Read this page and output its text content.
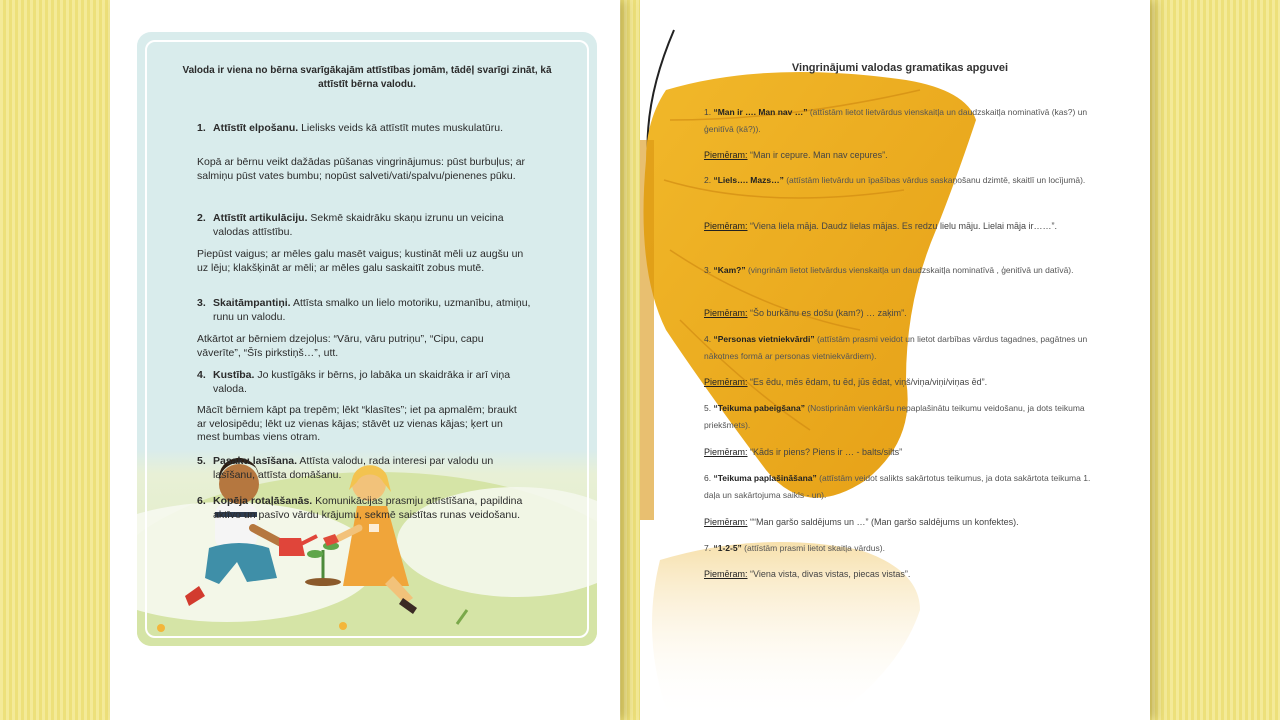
Valoda ir viena no bērna svarīgākajām attīstības jomām, tādēļ svarīgi zināt, kā attīstīt bērna valodu.
1. Attīstīt elpošanu. Lielisks veids kā attīstīt mutes muskulatūru.
Kopā ar bērnu veikt dažādas pūšanas vingrinājumus: pūst burbuļus; ar salmiņu pūst vates bumbu; nopūst salveti/vati/spalvu/pienenes pūku.
2. Attīstīt artikulāciju. Sekmē skaidrāku skaņu izrunu un veicina valodas attīstību.
Piepūst vaigus; ar mēles galu masēt vaigus; kustināt mēli uz augšu un uz lēju; klakšķināt ar mēli; ar mēles galu saskaitīt zobus mutē.
3. Skaitāmpantiņi. Attīsta smalko un lielo motoriku, uzmanību, atmiņu, runu un valodu.
Atkārtot ar bērniem dzejoļus: “Vāru, vāru putriņu”, “Cipu, capu vāverīte”, “Šīs pirkstiņš…”, utt.
4. Kustība. Jo kustīgāks ir bērns, jo labāka un skaidrāka ir arī viņa valoda.
Mācīt bērniem kāpt pa trepēm; lēkt “klasītes”; iet pa apmalēm; braukt ar velosipēdu; lēkt uz vienas kājas; stāvēt uz vienas kājas; ķert un mest bumbas viens otram.
5. Pasaku lasīšana. Attīsta valodu, rada interesi par valodu un lasīšanu, attīsta domāšanu.
6. Kopēja rotaļāšanās. Komunikācijas prasmju attīstīšana, papildina aktīvo un pasīvo vārdu krājumu, sekmē saistītas runas veidošanu.
Vingrinājumi valodas gramatikas apguvei
1. “Man ir …. Man nav …” (attīstām lietot lietvārdus vienskaitļa un daudzskaitļa nominatīvā (kas?) un ģenitīvā (kā?)).
Piemēram: “Man ir cepure. Man nav cepures”.
2. “Liels…. Mazs…” (attīstām lietvārdu un īpašības vārdus saskaņošanu dzimtē, skaitlī un locījumā).
Piemēram: “Viena liela māja. Daudz lielas mājas. Es redzu lielu māju. Lielai māja ir……”.
3. “Kam?” (vingrinām lietot lietvārdus vienskaitļa un daudzskaitļa nominatīvā , ģenitīvā un datīvā).
Piemēram: “Šo burkānu es došu (kam?) … zaķim”.
4. “Personas vietniekvārdi” (attīstām prasmi veidot un lietot darbības vārdus tagadnes, pagātnes un nākotnes formā ar personas vietniekvārdiem).
Piemēram: “Es ēdu, mēs ēdam, tu ēd, jūs ēdat, viņš/viņa/viņi/viņas ēd”.
5. “Teikuma pabeigšana” (Nostiprinām vienkāršu nepaplašinātu teikumu veidošanu, ja dots teikuma priekšmets).
Piemēram: “Kāds ir piens? Piens ir … - balts/silts”
6. “Teikuma paplašināšana” (attīstām veidot salikts sakārtotus teikumus, ja dota sakārtota teikuma 1. daļa un sakārtojuma saikls - un).
Piemēram: ““Man garšo saldējums un …” (Man garšo saldējums un konfektes).
7. “1-2-5” (attīstām prasmi lietot skaitļa vārdus).
Piemēram: “Viena vista, divas vistas, piecas vistas”.
